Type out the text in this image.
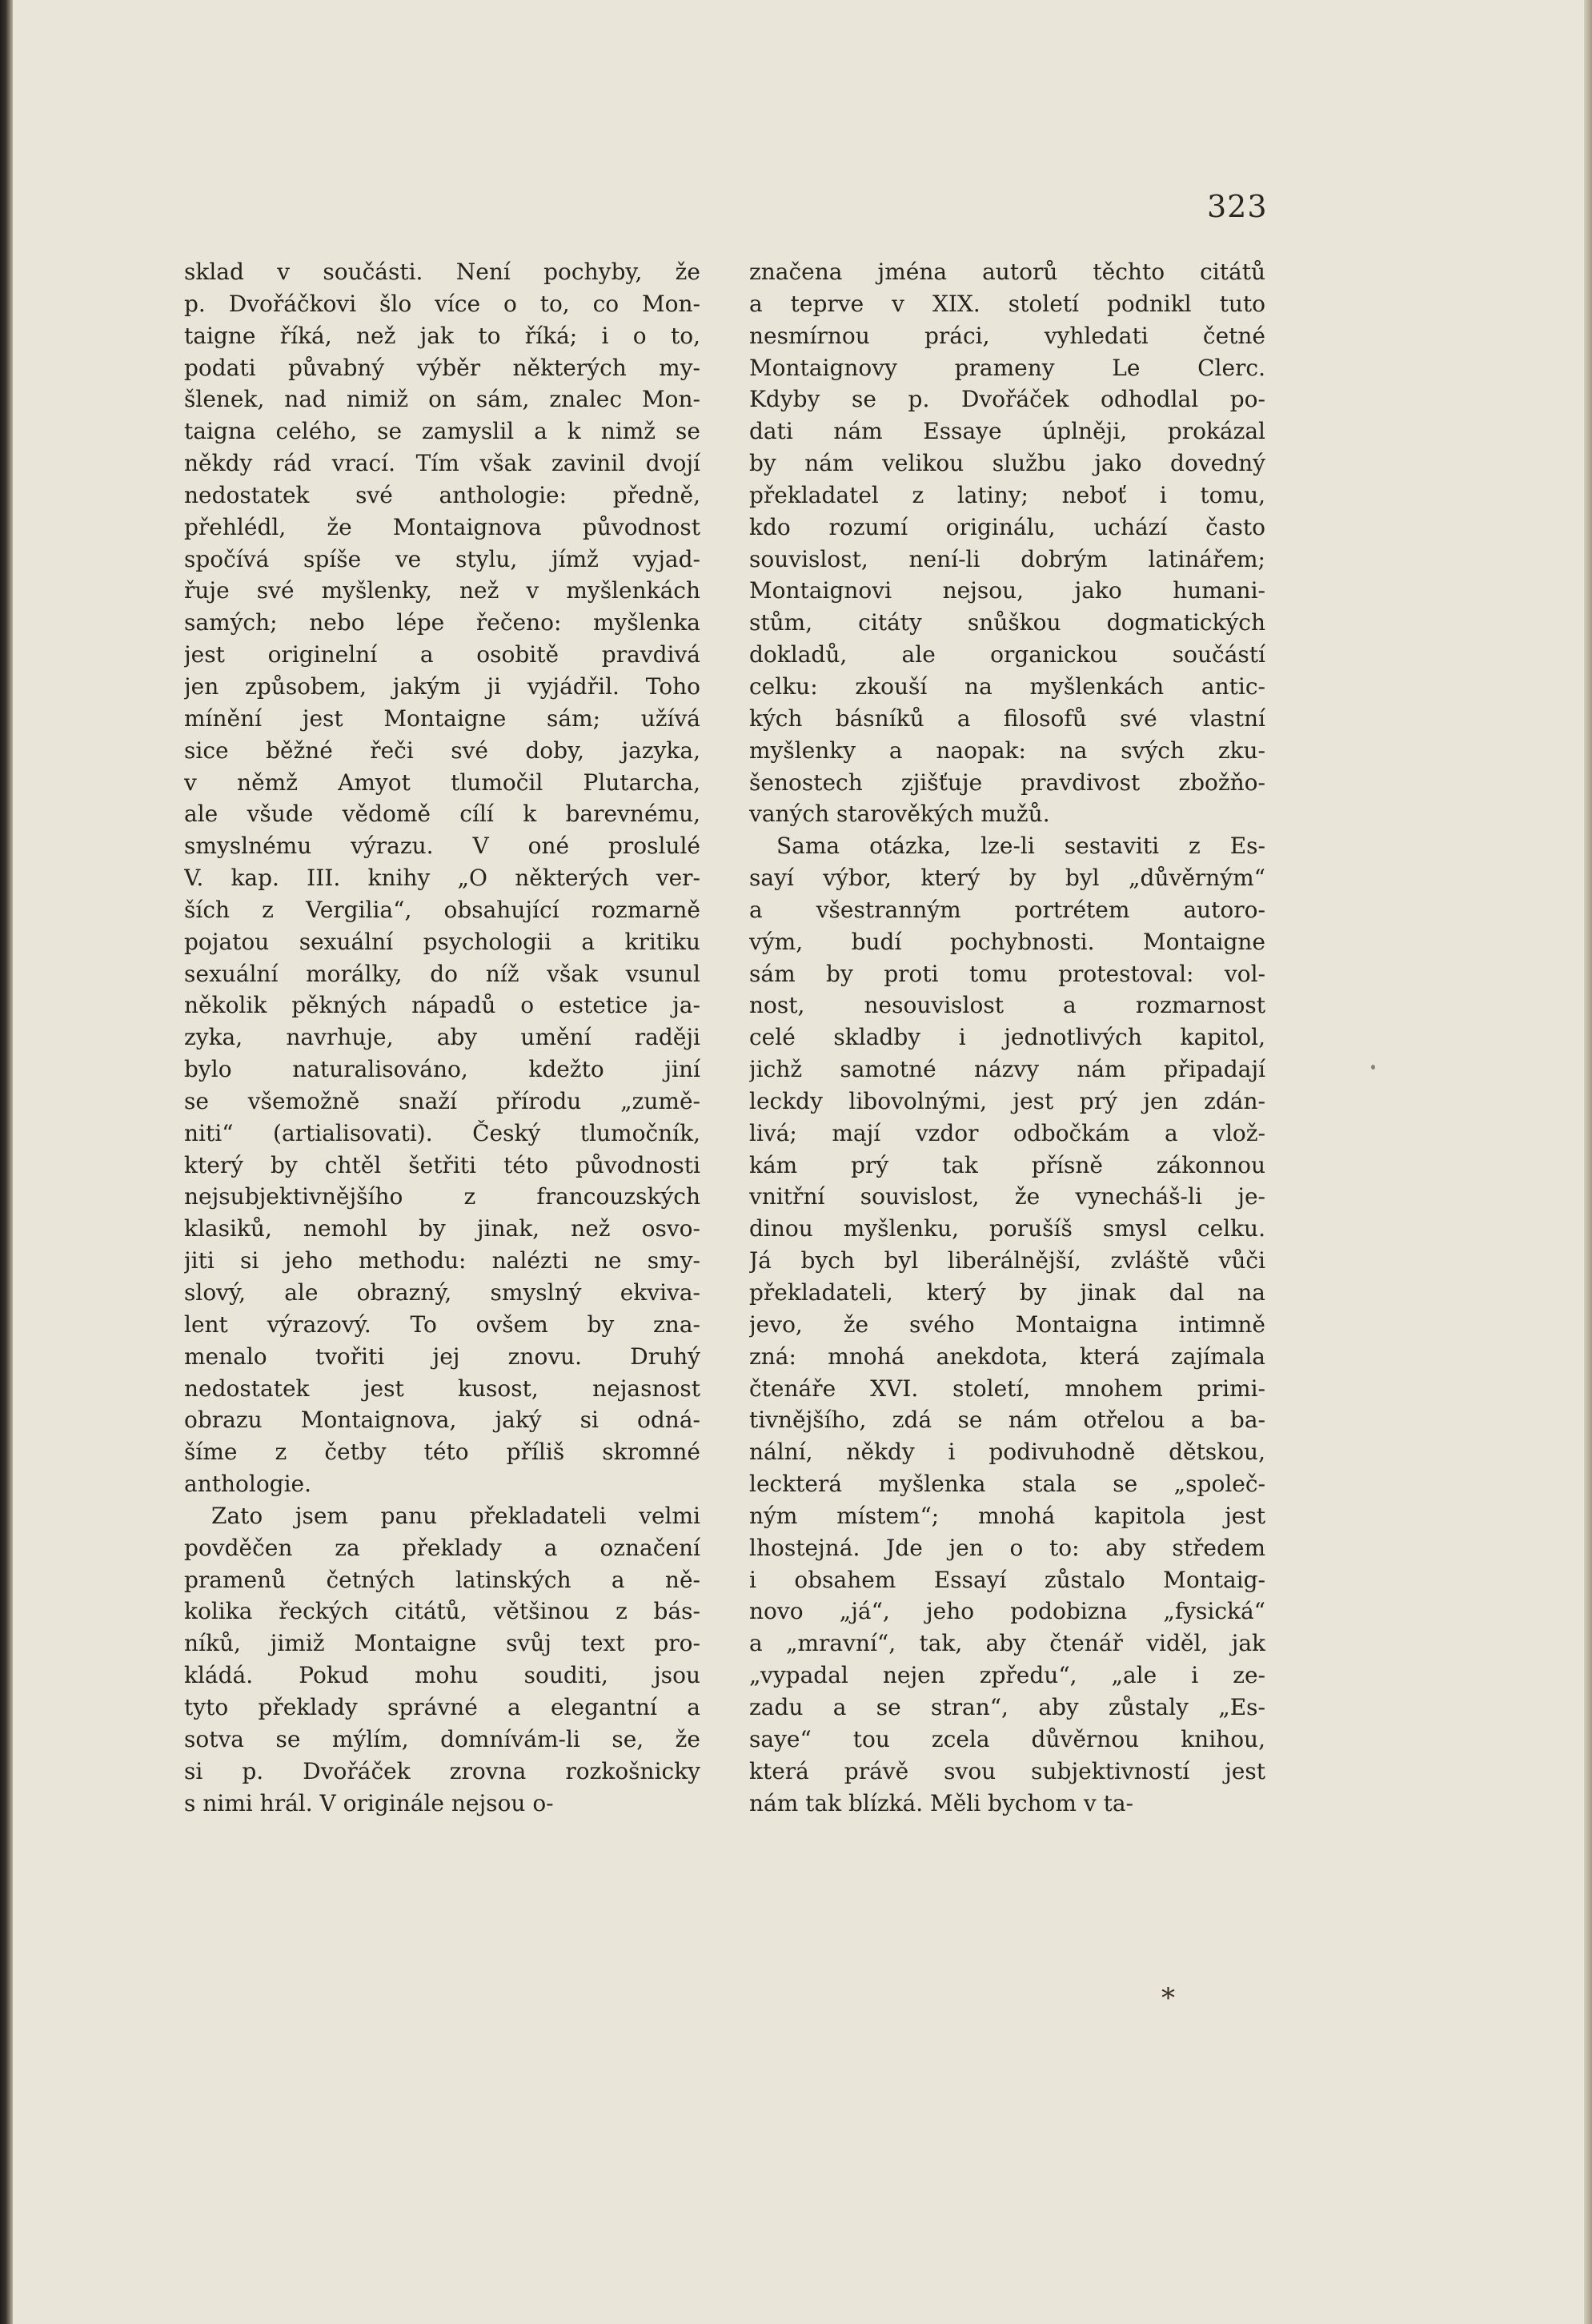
323
sklad v součásti. Není pochyby, že
p. Dvořáčkovi šlo více o to, co Mon-
taigne říká, než jak to říká; i o to,
podati půvabný výběr některých my-
šlenek, nad nimiž on sám, znalec Mon-
taigna celého, se zamyslil a k nimž se
někdy rád vrací. Tím však zavinil dvojí
nedostatek své anthologie: předně,
přehlédl, že Montaignova původnost
spočívá spíše ve stylu, jímž vyjad-
řuje své myšlenky, než v myšlenkách
samých; nebo lépe řečeno: myšlenka
jest originelní a osobitě pravdivá
jen způsobem, jakým ji vyjádřil. Toho
mínění jest Montaigne sám; užívá
sice běžné řeči své doby, jazyka,
v němž Amyot tlumočil Plutarcha,
ale všude vědomě cílí k barevnému,
smyslnému výrazu. V oné proslulé
V. kap. III. knihy „O některých ver-
ších z Vergilia“, obsahující rozmarně
pojatou sexuální psychologii a kritiku
sexuální morálky, do níž však vsunul
několik pěkných nápadů o estetice ja-
zyka, navrhuje, aby umění raději
bylo naturalisováno, kdežto jiní
se všemožně snaží přírodu „zumě-
niti“ (artialisovati). Český tlumočník,
který by chtěl šetřiti této původnosti
nejsubjektivnějšího z francouzských
klasiků, nemohl by jinak, než osvo-
jiti si jeho methodu: nalézti ne smy-
slový, ale obrazný, smyslný ekviva-
lent výrazový. To ovšem by zna-
menalo tvořiti jej znovu. Druhý
nedostatek jest kusost, nejasnost
obrazu Montaignova, jaký si odná-
šíme z četby této příliš skromné
anthologie.
Zato jsem panu překladateli velmi
povděčen za překlady a označení
pramenů četných latinských a ně-
kolika řeckých citátů, většinou z bás-
níků, jimiž Montaigne svůj text pro-
kládá. Pokud mohu souditi, jsou
tyto překlady správné a elegantní a
sotva se mýlím, domnívám-li se, že
si p. Dvořáček zrovna rozkošnicky
s nimi hrál. V originále nejsou o-
značena jména autorů těchto citátů
a teprve v XIX. století podnikl tuto
nesmírnou práci, vyhledati četné
Montaignovy prameny Le Clerc.
Kdyby se p. Dvořáček odhodlal po-
dati nám Essaye úplněji, prokázal
by nám velikou službu jako dovedný
překladatel z latiny; neboť i tomu,
kdo rozumí originálu, uchází často
souvislost, není-li dobrým latinářem;
Montaignovi nejsou, jako humani-
stům, citáty snůškou dogmatických
dokladů, ale organickou součástí
celku: zkouší na myšlenkách antic-
kých básníků a filosofů své vlastní
myšlenky a naopak: na svých zku-
šenostech zjišťuje pravdivost zbožňo-
vaných starověkých mužů.
Sama otázka, lze-li sestaviti z Es-
sayí výbor, který by byl „důvěrným“
a všestranným portrétem autoro-
vým, budí pochybnosti. Montaigne
sám by proti tomu protestoval: vol-
nost, nesouvislost a rozmarnost
celé skladby i jednotlivých kapitol,
jichž samotné názvy nám připadají
leckdy libovolnými, jest prý jen zdán-
livá; mají vzdor odbočkám a vlož-
kám prý tak přísně zákonnou
vnitřní souvislost, že vynecháš-li je-
dinou myšlenku, porušíš smysl celku.
Já bych byl liberálnější, zvláště vůči
překladateli, který by jinak dal na
jevo, že svého Montaigna intimně
zná: mnohá anekdota, která zajímala
čtenáře XVI. století, mnohem primi-
tivnějšího, zdá se nám otřelou a ba-
nální, někdy i podivuhodně dětskou,
leckterá myšlenka stala se „společ-
ným místem“; mnohá kapitola jest
lhostejná. Jde jen o to: aby středem
i obsahem Essayí zůstalo Montaig-
novo „já“, jeho podobizna „fysická“
a „mravní“, tak, aby čtenář viděl, jak
„vypadal nejen zpředu“, „ale i ze-
zadu a se stran“, aby zůstaly „Es-
saye“ tou zcela důvěrnou knihou,
která právě svou subjektivností jest
nám tak blízká. Měli bychom v ta-
*
